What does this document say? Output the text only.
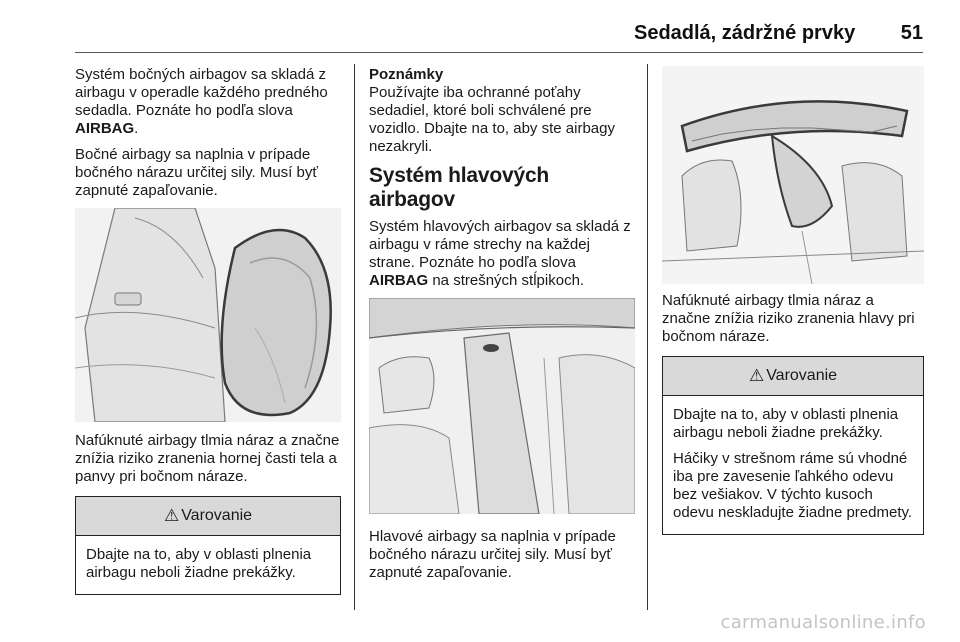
Sedadlá, zádržné prvky 51

Systém bočných airbagov sa skladá z airbagu v operadle každého predného sedadla. Poznáte ho podľa slova AIRBAG.

Bočné airbagy sa naplnia v prípade bočného nárazu určitej sily. Musí byť zapnuté zapaľovanie.

Nafúknuté airbagy tlmia náraz a značne znížia riziko zranenia hornej časti tela a panvy pri bočnom náraze.

⚠ Varovanie

Dbajte na to, aby v oblasti plnenia airbagu neboli žiadne prekážky.

Poznámky

Používajte iba ochranné poťahy sedadiel, ktoré boli schválené pre vozidlo. Dbajte na to, aby ste airbagy nezakryli.

Systém hlavových airbagov

Systém hlavových airbagov sa skladá z airbagu v ráme strechy na každej strane. Poznáte ho podľa slova AIRBAG na strešných stĺpikoch.

Hlavové airbagy sa naplnia v prípade bočného nárazu určitej sily. Musí byť zapnuté zapaľovanie.

Nafúknuté airbagy tlmia náraz a značne znížia riziko zranenia hlavy pri bočnom náraze.

⚠ Varovanie

Dbajte na to, aby v oblasti plnenia airbagu neboli žiadne prekážky.

Háčiky v strešnom ráme sú vhodné iba pre zavesenie ľahkého odevu bez vešiakov. V týchto kusoch odevu neskladujte žiadne predmety.

carmanualsonline.info
